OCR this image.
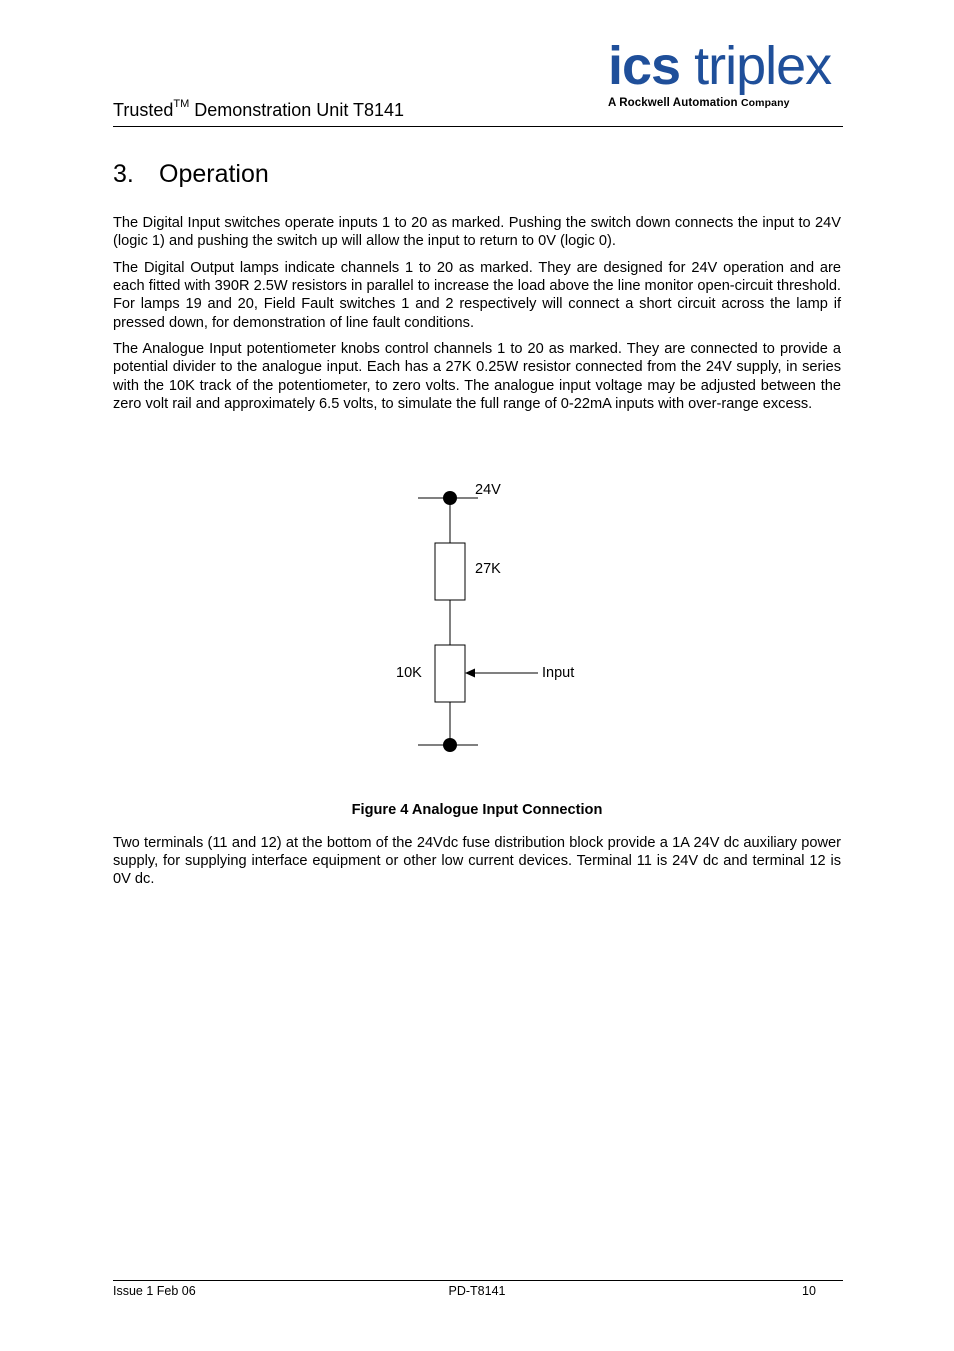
Trusted™ Demonstration Unit T8141
ics triplex
A Rockwell Automation Company
3. Operation

The Digital Input switches operate inputs 1 to 20 as marked. Pushing the switch down connects the input to 24V (logic 1) and pushing the switch up will allow the input to return to 0V (logic 0).

The Digital Output lamps indicate channels 1 to 20 as marked. They are designed for 24V operation and are each fitted with 390R 2.5W resistors in parallel to increase the load above the line monitor open-circuit threshold. For lamps 19 and 20, Field Fault switches 1 and 2 respectively will connect a short circuit across the lamp if pressed down, for demonstration of line fault conditions.

The Analogue Input potentiometer knobs control channels 1 to 20 as marked. They are connected to provide a potential divider to the analogue input. Each has a 27K 0.25W resistor connected from the 24V supply, in series with the 10K track of the potentiometer, to zero volts. The analogue input voltage may be adjusted between the zero volt rail and approximately 6.5 volts, to simulate the full range of 0-22mA inputs with over-range excess.

24V
27K
10K	Input
Figure 4 Analogue Input Connection

Two terminals (11 and 12) at the bottom of the 24Vdc fuse distribution block provide a 1A 24V dc auxiliary power supply, for supplying interface equipment or other low current devices. Terminal 11 is 24V dc and terminal 12 is 0V dc.

Issue 1 Feb 06	PD-T8141	10
